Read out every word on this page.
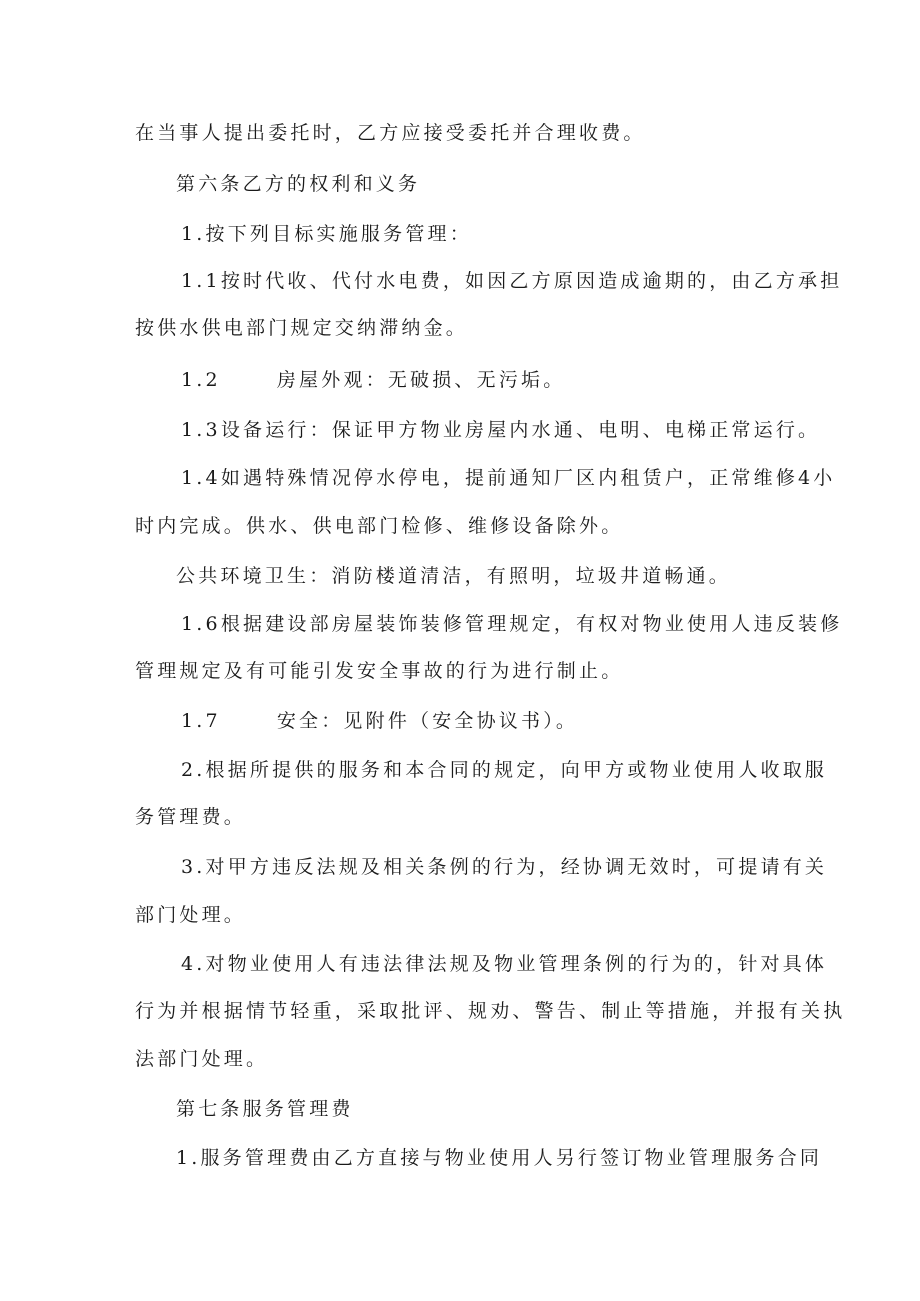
在当事人提出委托时，乙方应接受委托并合理收费。
第六条乙方的权利和义务
1.按下列目标实施服务管理：
1.1按时代收、代付水电费，如因乙方原因造成逾期的，由乙方承担
按供水供电部门规定交纳滞纳金。
1.2	房屋外观：无破损、无污垢。
1.3设备运行：保证甲方物业房屋内水通、电明、电梯正常运行。
1.4如遇特殊情况停水停电，提前通知厂区内租赁户，正常维修4小
时内完成。供水、供电部门检修、维修设备除外。
公共环境卫生：消防楼道清洁，有照明，垃圾井道畅通。
1.6根据建设部房屋装饰装修管理规定，有权对物业使用人违反装修
管理规定及有可能引发安全事故的行为进行制止。
1.7	安全：见附件（安全协议书）。
2.根据所提供的服务和本合同的规定，向甲方或物业使用人收取服
务管理费。
3.对甲方违反法规及相关条例的行为，经协调无效时，可提请有关
部门处理。
4.对物业使用人有违法律法规及物业管理条例的行为的，针对具体
行为并根据情节轻重，采取批评、规劝、警告、制止等措施，并报有关执
法部门处理。
第七条服务管理费
1.服务管理费由乙方直接与物业使用人另行签订物业管理服务合同
